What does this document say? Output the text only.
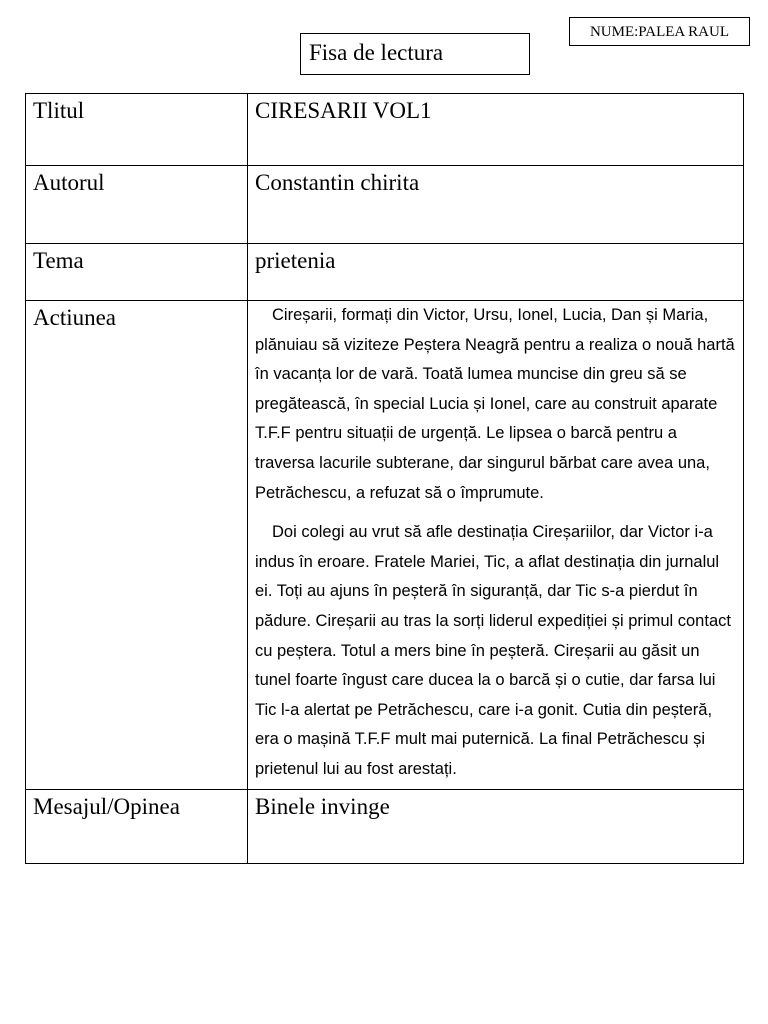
NUME:PALEA RAUL
Fisa de lectura
Tlitul	CIRESARII VOL1
Autorul	Constantin chirita
Tema	prietenia
Actiunea	Cireșarii, formați din Victor, Ursu, Ionel, Lucia, Dan și Maria, plănuiau să viziteze Peștera Neagră pentru a realiza o nouă hartă în vacanța lor de vară. Toată lumea muncise din greu să se pregătească, în special Lucia și Ionel, care au construit aparate T.F.F pentru situații de urgență. Le lipsea o barcă pentru a traversa lacurile subterane, dar singurul bărbat care avea una, Petrăchescu, a refuzat să o împrumute.

Doi colegi au vrut să afle destinația Cireșariilor, dar Victor i-a indus în eroare. Fratele Mariei, Tic, a aflat destinația din jurnalul ei. Toți au ajuns în peșteră în siguranță, dar Tic s-a pierdut în pădure. Cireșarii au tras la sorți liderul expediției și primul contact cu peștera. Totul a mers bine în peșteră. Cireșarii au găsit un tunel foarte îngust care ducea la o barcă și o cutie, dar farsa lui Tic l-a alertat pe Petrăchescu, care i-a gonit. Cutia din peșteră, era o mașină T.F.F mult mai puternică. La final Petrăchescu și prietenul lui au fost arestați.

Mesajul/Opinea	Binele invinge
